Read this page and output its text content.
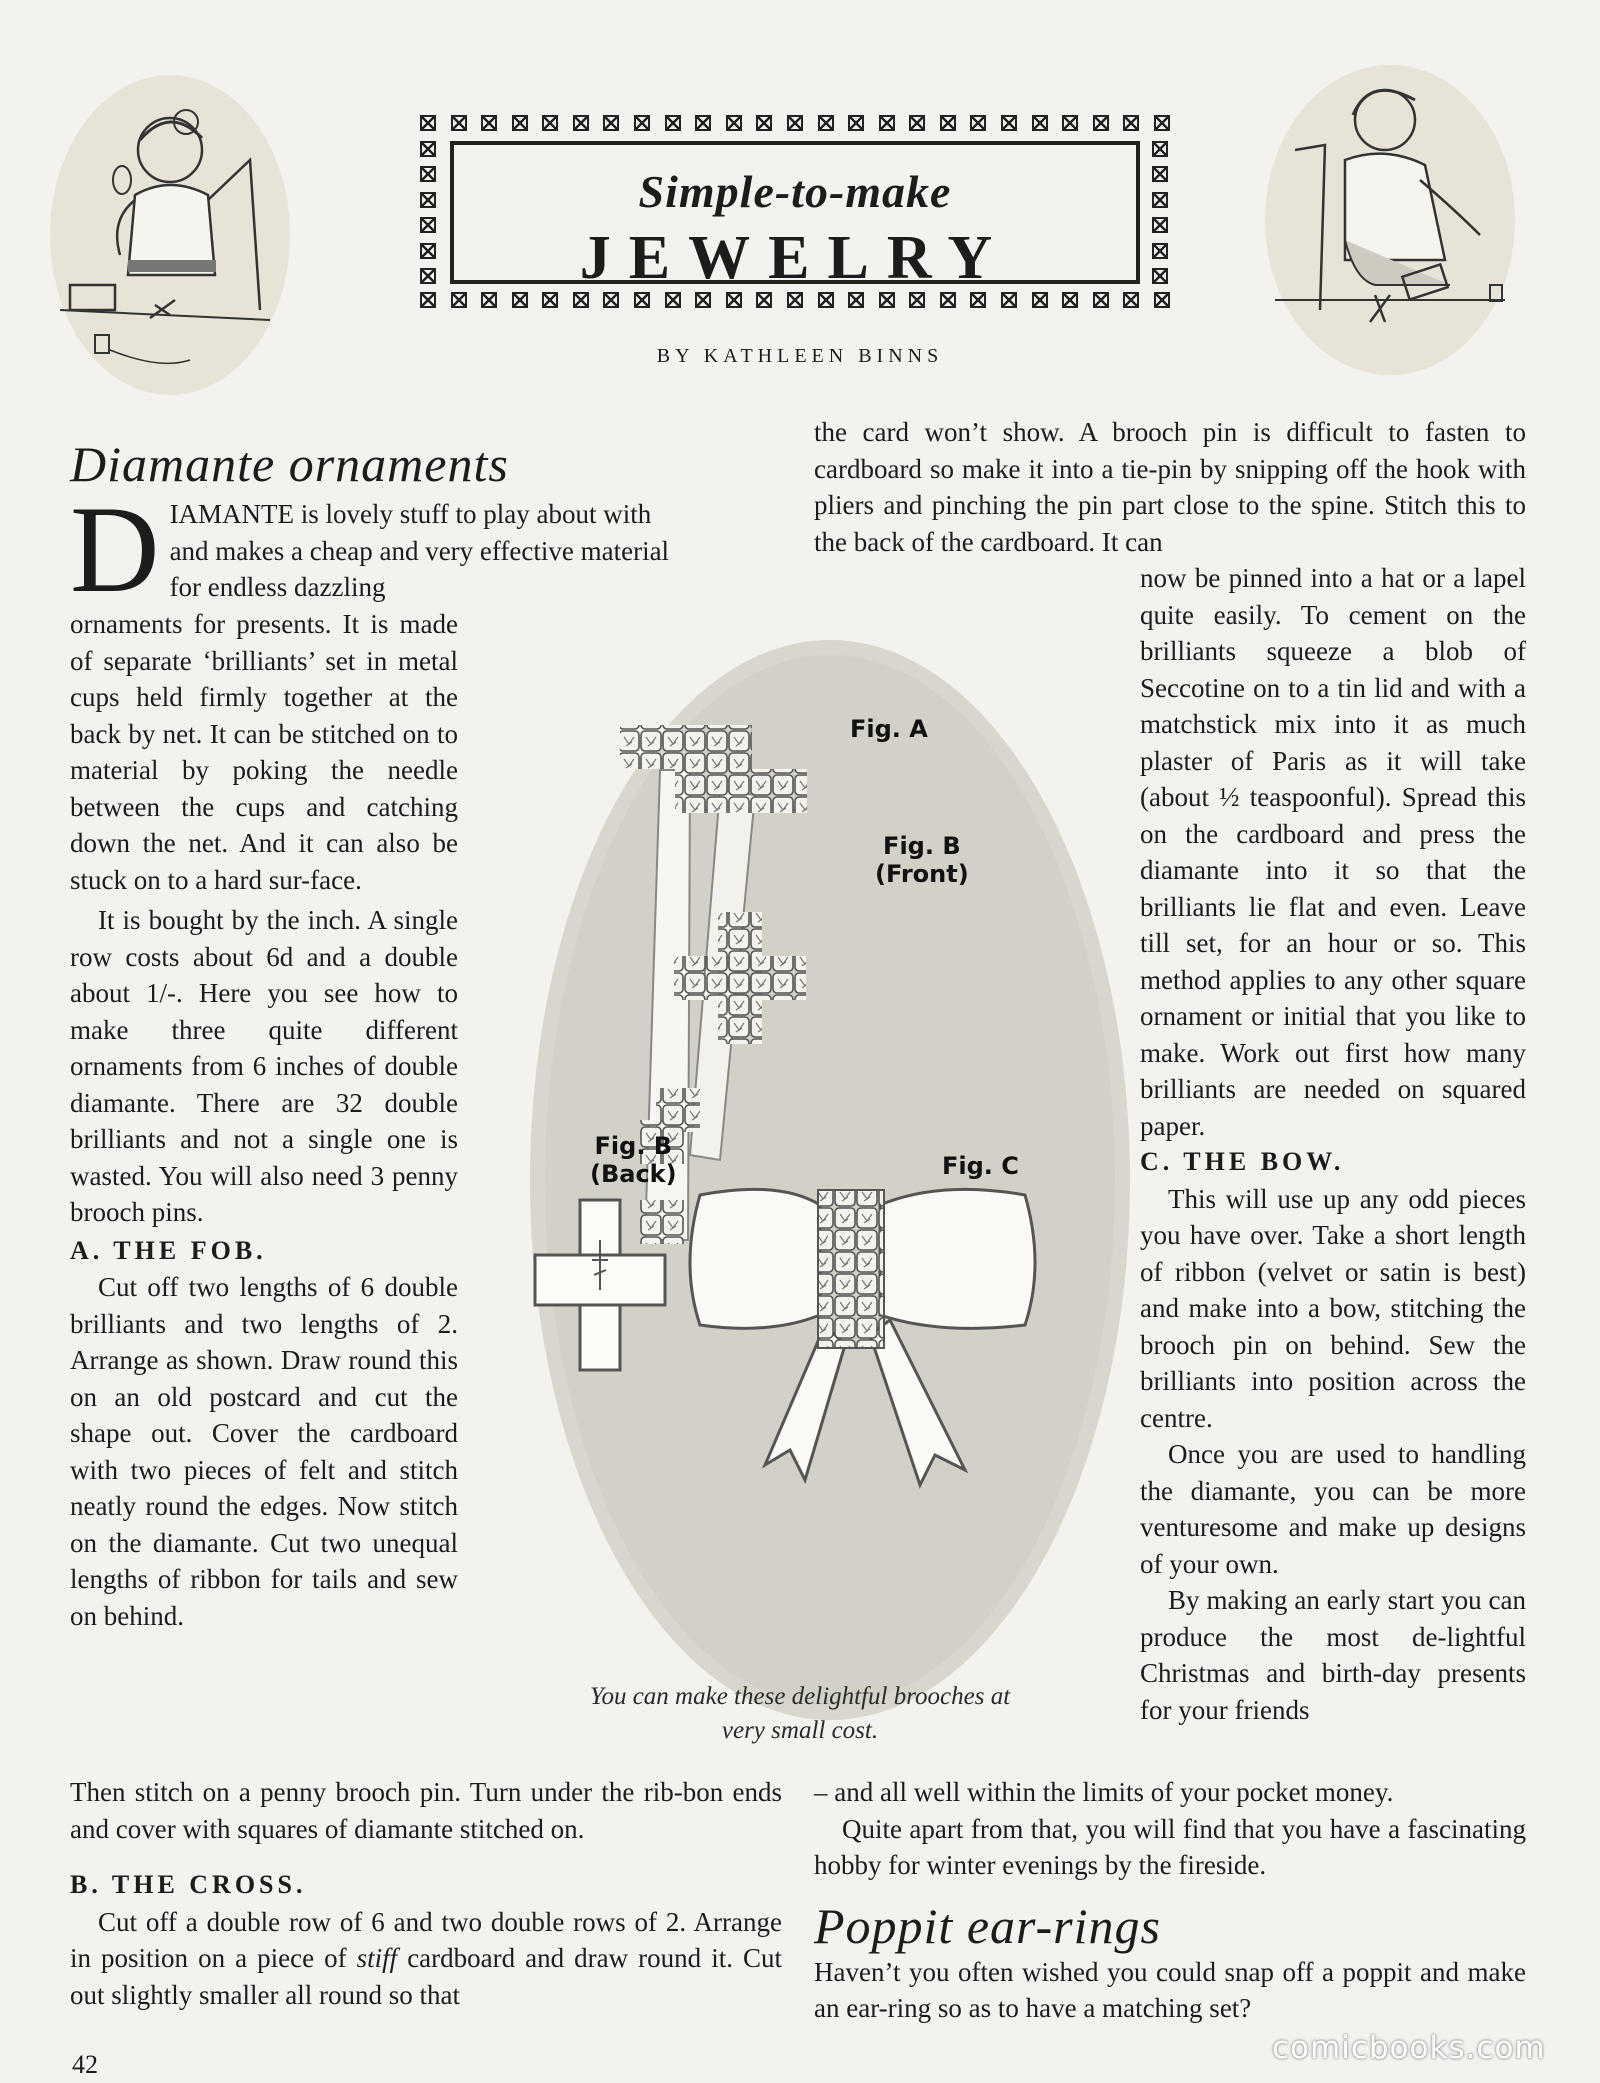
Simple-to-make
JEWELRY
BY KATHLEEN BINNS
Diamante ornaments
D IAMANTE is lovely stuff to play about with
and makes a cheap and very effective material
for endless dazzling

ornaments for presents. It is made of separate ‘brilliants’ set in metal cups held firmly together at the back by net. It can be stitched on to material by poking the needle between the cups and catching down the net. And it can also be stuck on to a hard sur-face.

It is bought by the inch. A single row costs about 6d and a double about 1/-. Here you see how to make three quite different ornaments from 6 inches of double diamante. There are 32 double brilliants and not a single one is wasted. You will also need 3 penny brooch pins.

A. THE FOB.

Cut off two lengths of 6 double brilliants and two lengths of 2. Arrange as shown. Draw round this on an old postcard and cut the shape out. Cover the cardboard with two pieces of felt and stitch neatly round the edges. Now stitch on the diamante. Cut two unequal lengths of ribbon for tails and sew on behind.

Then stitch on a penny brooch pin. Turn under the rib-bon ends and cover with squares of diamante stitched on.

B. THE CROSS.

Cut off a double row of 6 and two double rows of 2. Arrange in position on a piece of stiff cardboard and draw round it. Cut out slightly smaller all round so that

the card won’t show. A brooch pin is difficult to fasten to cardboard so make it into a tie-pin by snipping off the hook with pliers and pinching the pin part close to the spine. Stitch this to the back of the cardboard. It can

now be pinned into a hat or a lapel quite easily. To cement on the brilliants squeeze a blob of Seccotine on to a tin lid and with a matchstick mix into it as much plaster of Paris as it will take (about ½ teaspoonful). Spread this on the cardboard and press the diamante into it so that the brilliants lie flat and even. Leave till set, for an hour or so. This method applies to any other square ornament or initial that you like to make. Work out first how many brilliants are needed on squared paper.

C. THE BOW.

This will use up any odd pieces you have over. Take a short length of ribbon (velvet or satin is best) and make into a bow, stitching the brooch pin on behind. Sew the brilliants into position across the centre.

Once you are used to handling the diamante, you can be more venturesome and make up designs of your own.

By making an early start you can produce the most de-lightful Christmas and birth-day presents for your friends

– and all well within the limits of your pocket money.

Quite apart from that, you will find that you have a fascinating hobby for winter evenings by the fireside.

Poppit ear-rings

Haven’t you often wished you could snap off a poppit and make an ear-ring so as to have a matching set?

Fig. A
Fig. B
(Front)
Fig. B
(Back)	Fig. C
You can make these delightful brooches at
very small cost.
42	comicbooks.com
